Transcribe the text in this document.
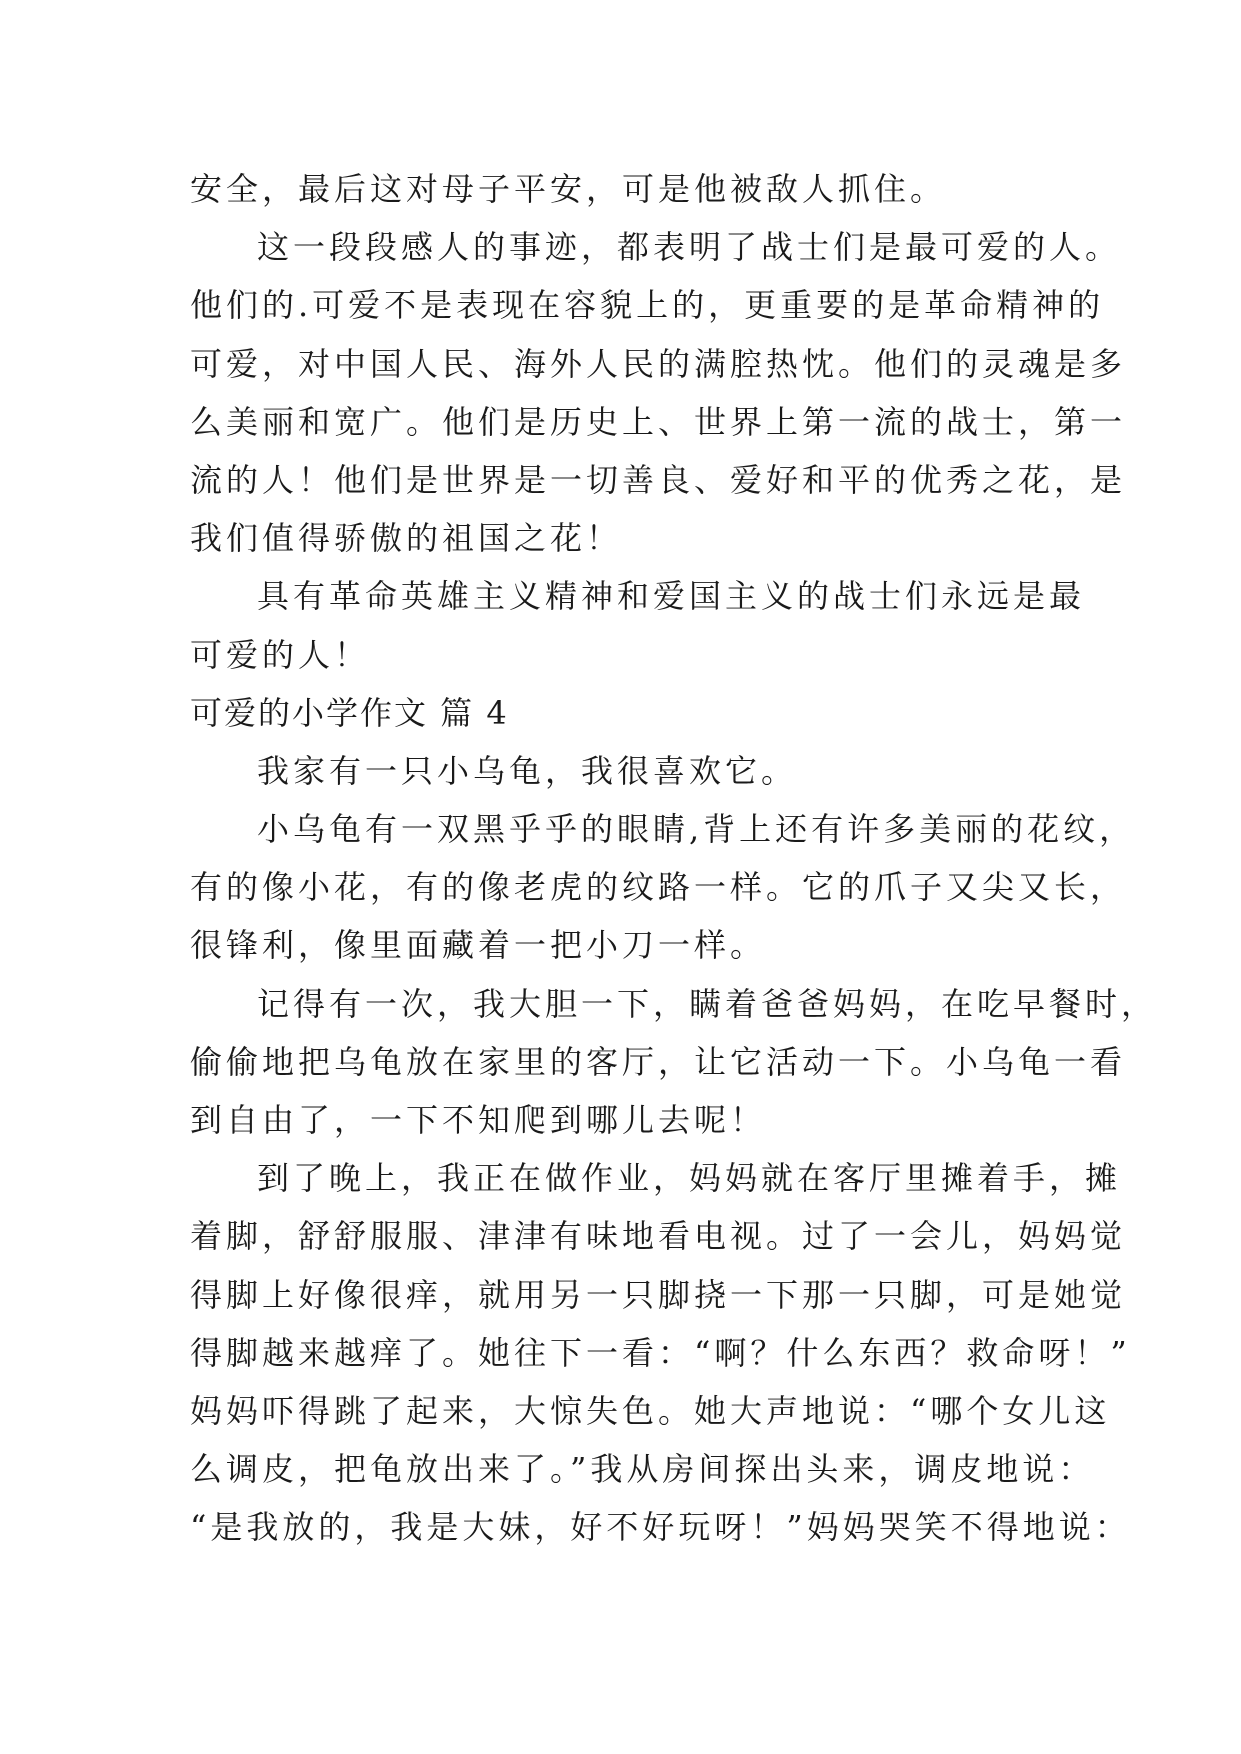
安全，最后这对母子平安，可是他被敌人抓住。
这一段段感人的事迹，都表明了战士们是最可爱的人。
他们的.可爱不是表现在容貌上的，更重要的是革命精神的
可爱，对中国人民、海外人民的满腔热忱。他们的灵魂是多
么美丽和宽广。他们是历史上、世界上第一流的战士，第一
流的人！他们是世界是一切善良、爱好和平的优秀之花，是
我们值得骄傲的祖国之花！
具有革命英雄主义精神和爱国主义的战士们永远是最
可爱的人！
可爱的小学作文 篇 4
我家有一只小乌龟，我很喜欢它。
小乌龟有一双黑乎乎的眼睛,背上还有许多美丽的花纹，
有的像小花，有的像老虎的纹路一样。它的爪子又尖又长，
很锋利，像里面藏着一把小刀一样。
记得有一次，我大胆一下，瞒着爸爸妈妈，在吃早餐时，
偷偷地把乌龟放在家里的客厅，让它活动一下。小乌龟一看
到自由了，一下不知爬到哪儿去呢！
到了晚上，我正在做作业，妈妈就在客厅里摊着手，摊
着脚，舒舒服服、津津有味地看电视。过了一会儿，妈妈觉
得脚上好像很痒，就用另一只脚挠一下那一只脚，可是她觉
得脚越来越痒了。她往下一看：“啊？什么东西？救命呀！”
妈妈吓得跳了起来，大惊失色。她大声地说：“哪个女儿这
么调皮，把龟放出来了。”我从房间探出头来，调皮地说：
“是我放的，我是大妹，好不好玩呀！”妈妈哭笑不得地说：
